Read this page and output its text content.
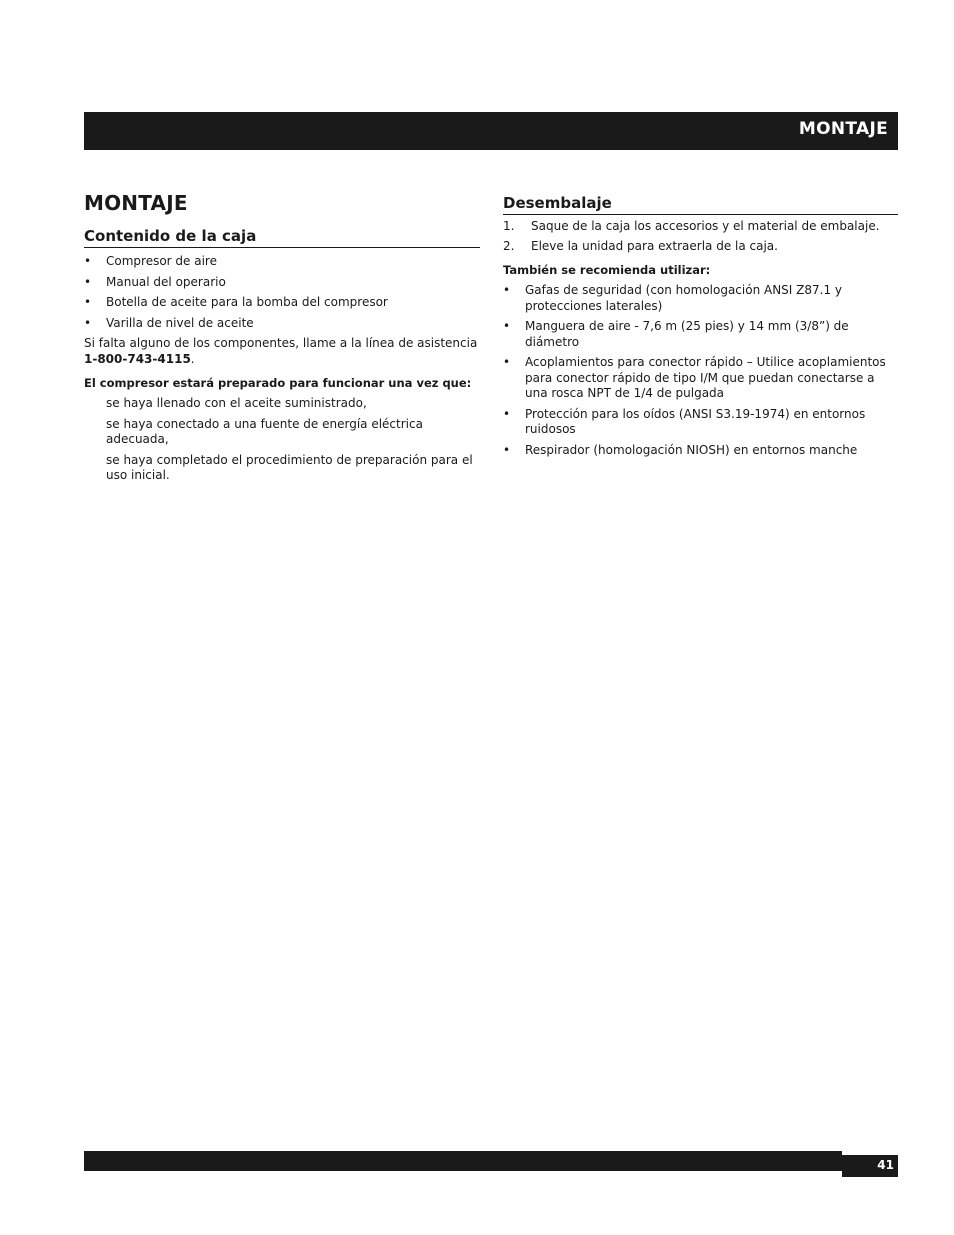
MONTAJE
MONTAJE
Contenido de la caja
• Compresor de aire
• Manual del operario
• Botella de aceite para la bomba del compresor
• Varilla de nivel de aceite

Si falta alguno de los componentes, llame a la línea de asistencia
1-800-743-4115.

El compresor estará preparado para funcionar una vez que:

se haya llenado con el aceite suministrado,
se haya conectado a una fuente de energía eléctrica adecuada,
se haya completado el procedimiento de preparación para el uso inicial.
Desembalaje
1. Saque de la caja los accesorios y el material de embalaje.
2. Eleve la unidad para extraerla de la caja.

También se recomienda utilizar:

• Gafas de seguridad (con homologación ANSI Z87.1 y protecciones laterales)
• Manguera de aire - 7,6 m (25 pies) y 14 mm (3/8”) de diámetro
• Acoplamientos para conector rápido – Utilice acoplamientos para conector rápido de tipo I/M que puedan conectarse a una rosca NPT de 1/4 de pulgada
• Protección para los oídos (ANSI S3.19-1974) en entornos ruidosos
• Respirador (homologación NIOSH) en entornos manche
41
